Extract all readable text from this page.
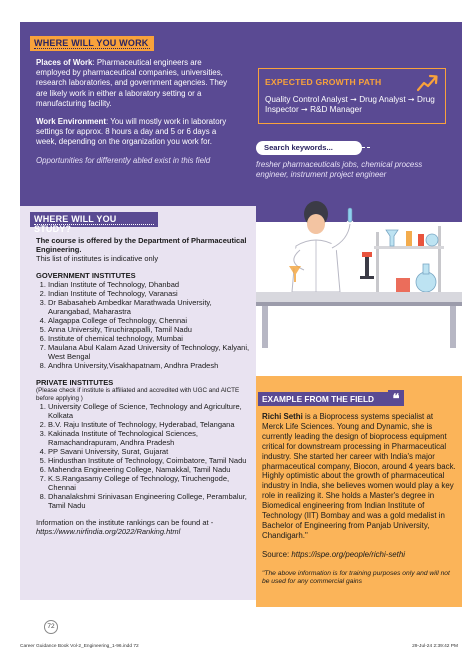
WHERE WILL YOU WORK

Places of Work: Pharmaceutical engineers are employed by pharmaceutical companies, universities, research laboratories, and government agencies. They are likely work in either a laboratory setting or a manufacturing facility.

Work Environment: You will mostly work in laboratory settings for approx. 8 hours a day and 5 or 6 days a week, depending on the organization you work for.

Opportunities for differently abled exist in this field

EXPECTED GROWTH PATH
Quality Control Analyst ➞ Drug Analyst ➞ Drug Inspector ➞ R&D Manager
Search keywords...
fresher pharmaceuticals jobs, chemical process engineer, instrument project engineer
WHERE WILL YOU STUDY?
The course is offered by the Department of Pharmaceutical Engineering.
This list of institutes is indicative only
GOVERNMENT INSTITUTES
1. Indian Institute of Technology, Dhanbad
2. Indian Institute of Technology, Varanasi
3. Dr Babasaheb Ambedkar Marathwada University, Aurangabad, Maharastra
4. Alagappa College of Technology, Chennai
5. Anna University, Tiruchirappalli, Tamil Nadu
6. Institute of chemical technology, Mumbai
7. Maulana Abul Kalam Azad University of Technology, Kalyani, West Bengal
8. Andhra University,Visakhapatnam, Andhra Pradesh
PRIVATE INSTITUTES
(Please check if institute is affiliated and accredited with UGC and AICTE before applying )
1. University College of Science, Technology and Agriculture, Kolkata
2. B.V. Raju Institute of Technology, Hyderabad, Telangana
3. Kakinada Institute of Technological Sciences, Ramachandrapuram, Andhra Pradesh
4. PP Savani University, Surat, Gujarat
5. Hindusthan Institute of Technology, Coimbatore, Tamil Nadu
6. Mahendra Engineering College, Namakkal, Tamil Nadu
7. K.S.Rangasamy College of Technology, Tiruchengode, Chennai
8. Dhanalakshmi Srinivasan Engineering College, Perambalur, Tamil Nadu
Information on the institute rankings can be found at -
https://www.nirfindia.org/2022/Ranking.html
EXAMPLE FROM THE FIELD	❝
Richi Sethi is a Bioprocess systems specialist at Merck Life Sciences. Young and Dynamic, she is currently leading the design of bioprocess equipment critical for downstream processing in Pharmaceutical industry. She started her career with India's major pharmaceutical company, Biocon, around 4 years back. Highly optimistic about the growth of pharmaceutical industry in India, she believes women would play a key role in realizing it. She holds a Master's degree in Biomedical engineering from Indian Institute of Technology (IIT) Bombay and was a gold medalist in Bachelor of Engineering from Panjab University, Chandigarh."
Source: https://ispe.org/people/richi-sethi
"The above information is for training purposes only and will not be used for any commercial gains
72
Career Guidance Book Vol-2_Engineering_1-96.indd 72	29-Jul-24 2:39:42 PM
